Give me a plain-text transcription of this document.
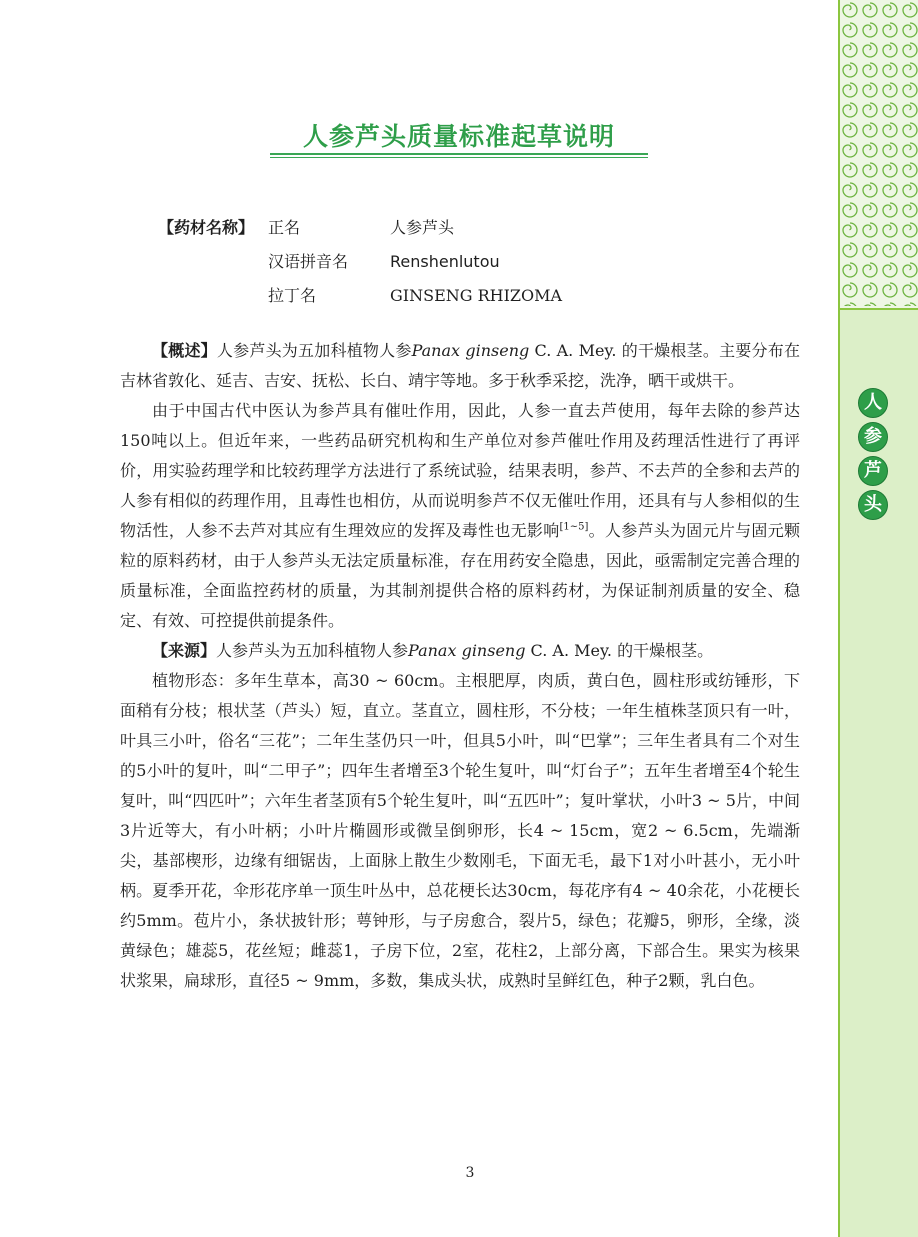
人参芦头质量标准起草说明
【药材名称】 正名	人参芦头
汉语拼音名	Renshenlutou
拉丁名	GINSENG RHIZOMA

【概述】人参芦头为五加科植物人参Panax ginseng C. A. Mey. 的干燥根茎。主要分布在吉林省敦化、延吉、吉安、抚松、长白、靖宇等地。多于秋季采挖，洗净，晒干或烘干。

由于中国古代中医认为参芦具有催吐作用，因此，人参一直去芦使用，每年去除的参芦达150吨以上。但近年来，一些药品研究机构和生产单位对参芦催吐作用及药理活性进行了再评价，用实验药理学和比较药理学方法进行了系统试验，结果表明，参芦、不去芦的全参和去芦的人参有相似的药理作用，且毒性也相仿，从而说明参芦不仅无催吐作用，还具有与人参相似的生物活性，人参不去芦对其应有生理效应的发挥及毒性也无影响[1~5]。人参芦头为固元片与固元颗粒的原料药材，由于人参芦头无法定质量标准，存在用药安全隐患，因此，亟需制定完善合理的质量标准，全面监控药材的质量，为其制剂提供合格的原料药材，为保证制剂质量的安全、稳定、有效、可控提供前提条件。

【来源】人参芦头为五加科植物人参Panax ginseng C. A. Mey. 的干燥根茎。

植物形态：多年生草本，高30 ~ 60cm。主根肥厚，肉质，黄白色，圆柱形或纺锤形，下面稍有分枝；根状茎（芦头）短，直立。茎直立，圆柱形，不分枝；一年生植株茎顶只有一叶，叶具三小叶，俗名“三花”；二年生茎仍只一叶，但具5小叶，叫“巴掌”；三年生者具有二个对生的5小叶的复叶，叫“二甲子”；四年生者增至3个轮生复叶，叫“灯台子”；五年生者增至4个轮生复叶，叫“四匹叶”；六年生者茎顶有5个轮生复叶，叫“五匹叶”；复叶掌状，小叶3 ~ 5片，中间3片近等大，有小叶柄；小叶片椭圆形或微呈倒卵形，长4 ~ 15cm，宽2 ~ 6.5cm，先端渐尖，基部楔形，边缘有细锯齿，上面脉上散生少数刚毛，下面无毛，最下1对小叶甚小，无小叶柄。夏季开花，伞形花序单一顶生叶丛中，总花梗长达30cm，每花序有4 ~ 40余花，小花梗长约5mm。苞片小，条状披针形；萼钟形，与子房愈合，裂片5，绿色；花瓣5，卵形，全缘，淡黄绿色；雄蕊5，花丝短；雌蕊1，子房下位，2室，花柱2，上部分离，下部合生。果实为核果状浆果，扁球形，直径5 ~ 9mm，多数，集成头状，成熟时呈鲜红色，种子2颗，乳白色。

3
人
参
芦
头
